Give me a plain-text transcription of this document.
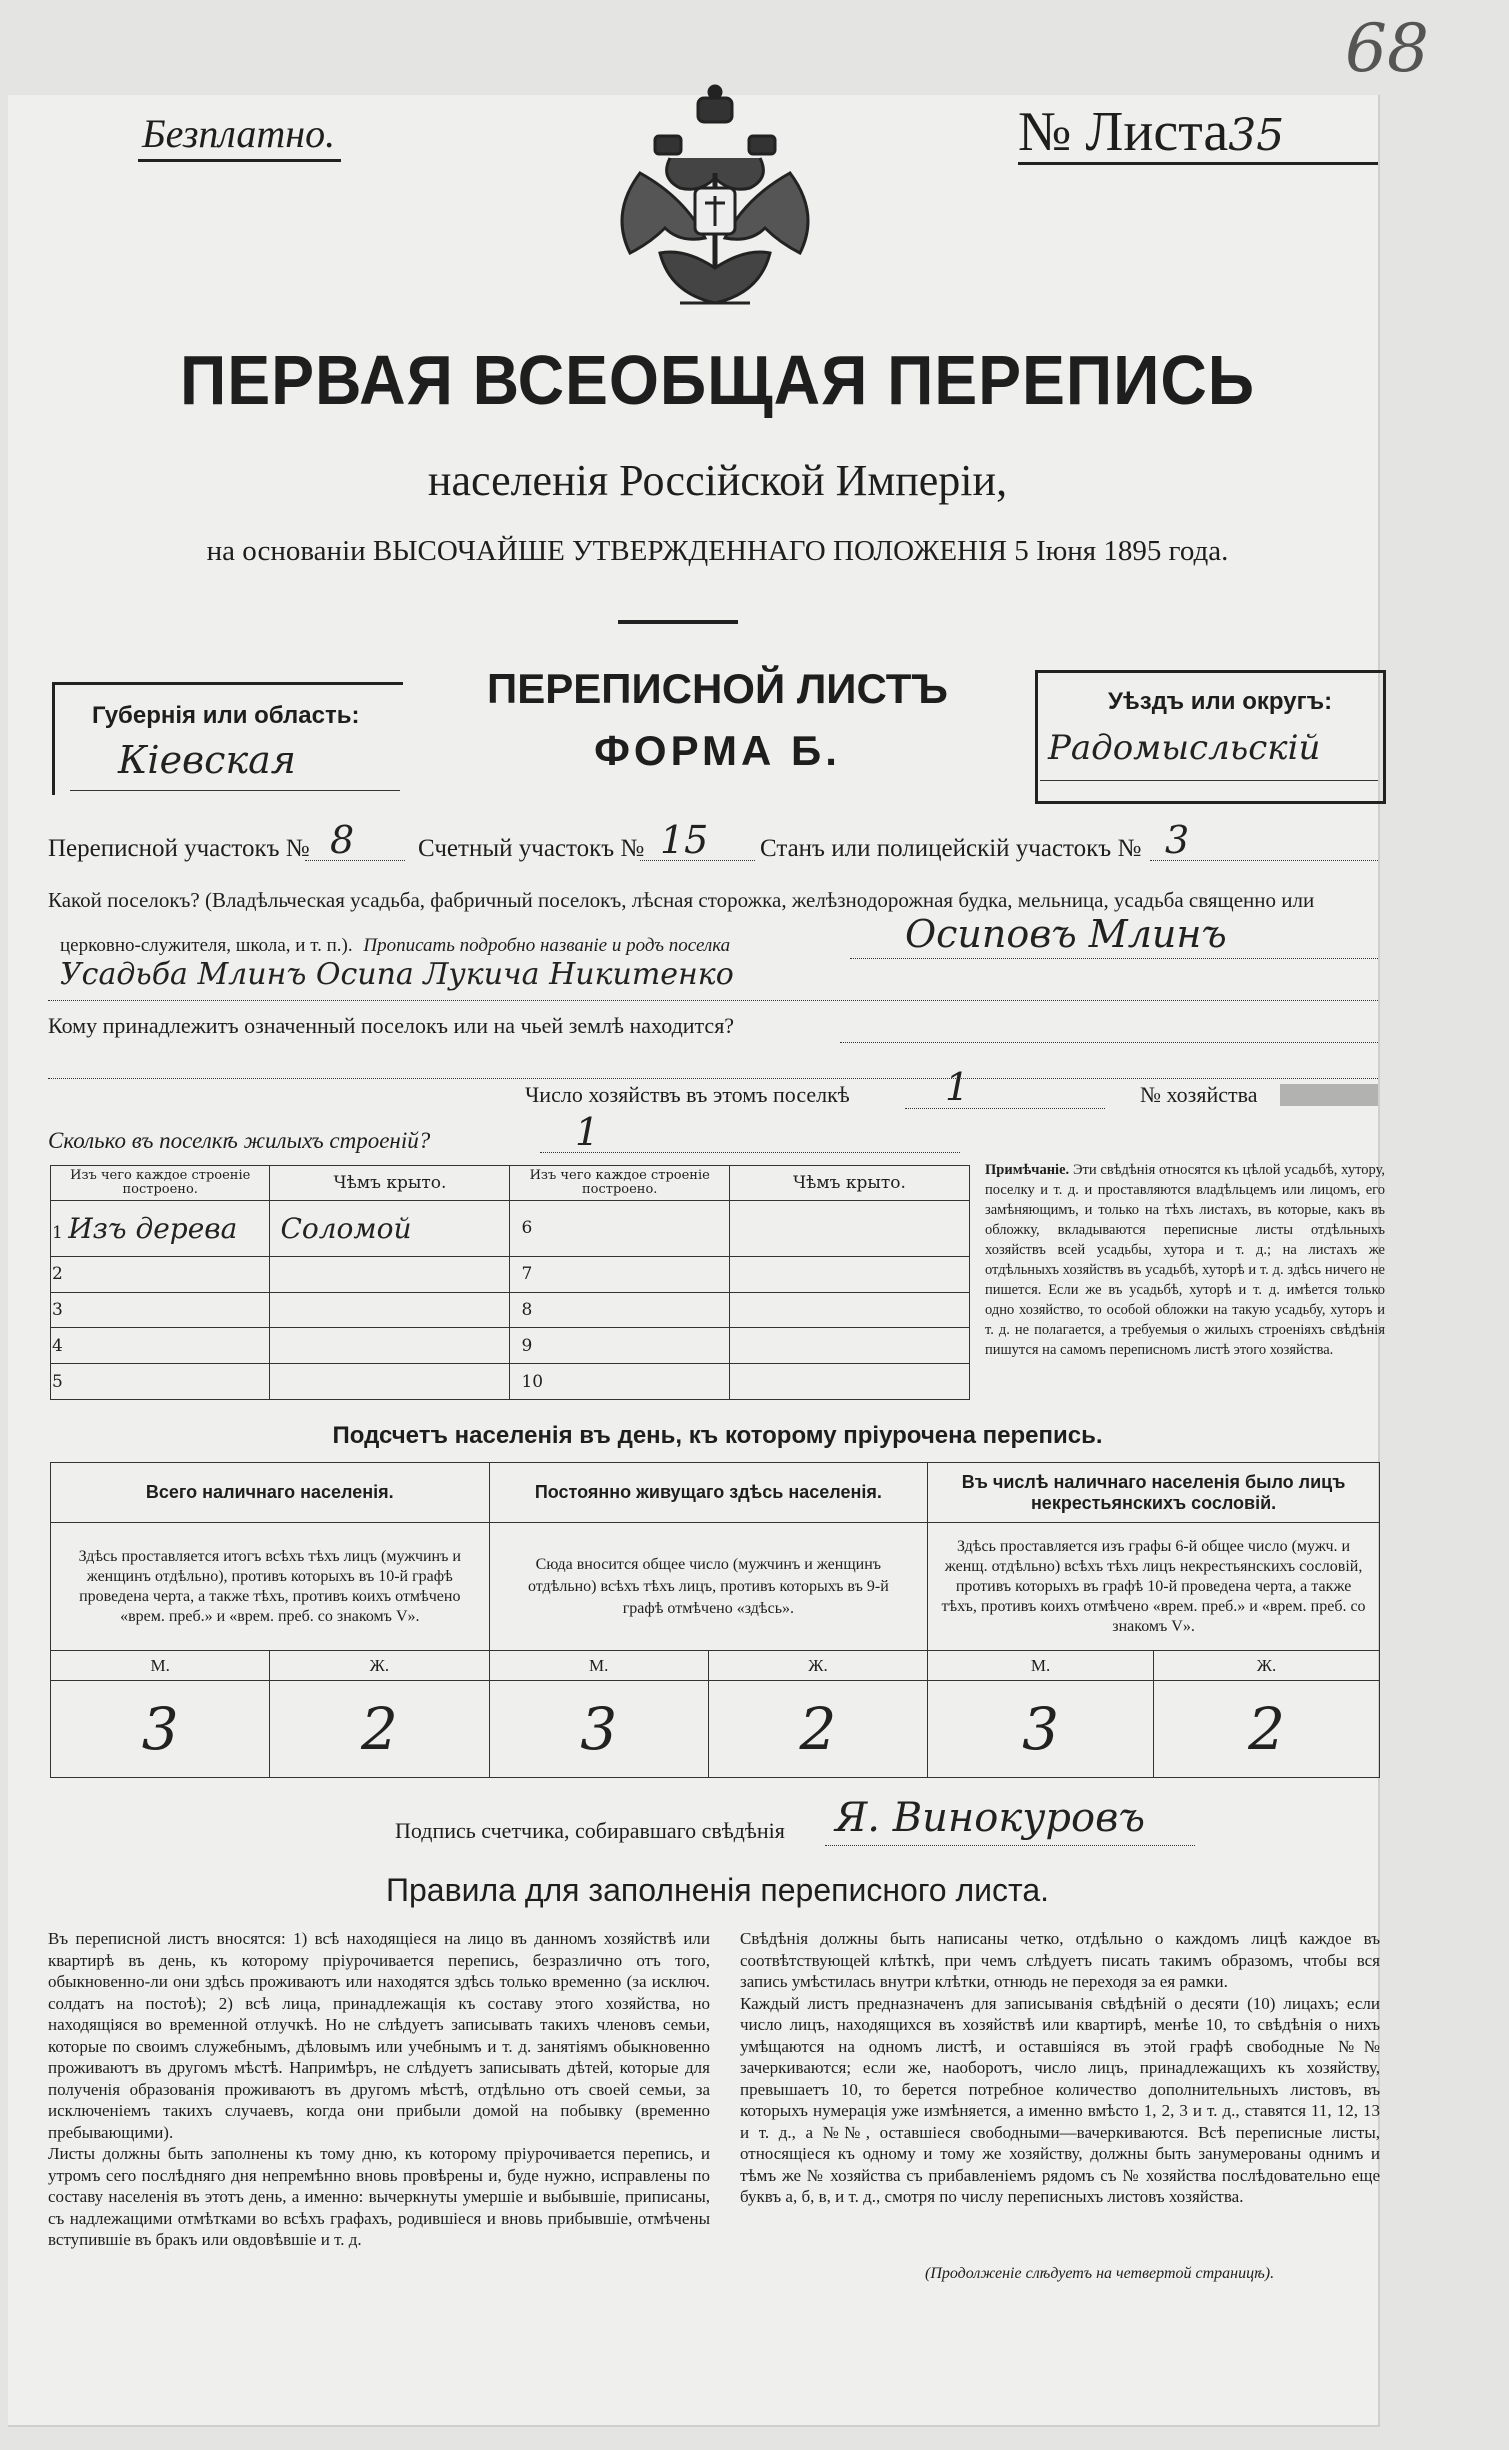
68
Безплатно.	№ Листа35
ПЕРВАЯ ВСЕОБЩАЯ ПЕРЕПИСЬ
населенія Россійской Имперіи,
на основаніи ВЫСОЧАЙШЕ УТВЕРЖДЕННАГО ПОЛОЖЕНІЯ 5 Іюня 1895 года.
Губернія или область:
Кіевская
ПЕРЕПИСНОЙ ЛИСТЪ
ФОРМА Б.
Уѣздъ или округъ:
Радомысльскій
Переписной участокъ № 8	Счетный участокъ № 15 Станъ или полицейскій участокъ № 3
Какой поселокъ? (Владѣльческая усадьба, фабричный поселокъ, лѣсная сторожка, желѣзнодорожная будка, мельница, усадьба священно или
церковно-служителя, школа, и т. п.). Прописать подробно названіе и родъ поселка	Осиповъ Млинъ
Усадьба Млинъ Осипа Лукича Никитенко
Кому принадлежитъ означенный поселокъ или на чьей землѣ находится?
Число хозяйствъ въ этомъ поселкѣ	1	№ хозяйства
Сколько въ поселкѣ жилыхъ строеній?	1
Изъ чего каждое строеніе построено.	Чѣмъ крыто.	Изъ чего каждое строеніе построено.	Чѣмъ крыто.
1 Изъ дерева	Соломой	6	
2		7	
3		8	
4		9	
5		10	
Примѣчаніе. Эти свѣдѣнія относятся къ цѣлой усадьбѣ, хутору, поселку и т. д. и проставляются владѣльцемъ или лицомъ, его замѣняющимъ, и только на тѣхъ листахъ, въ которые, какъ въ обложку, вкладываются переписные листы отдѣльныхъ хозяйствъ всей усадьбы, хутора и т. д.; на листахъ же отдѣльныхъ хозяйствъ въ усадьбѣ, хуторѣ и т. д. здѣсь ничего не пишется. Если же въ усадьбѣ, хуторѣ и т. д. имѣется только одно хозяйство, то особой обложки на такую усадьбу, хуторъ и т. д. не полагается, а требуемыя о жилыхъ строеніяхъ свѣдѣнія пишутся на самомъ переписномъ листѣ этого хозяйства.
Подсчетъ населенія въ день, къ которому пріурочена перепись.
Всего наличнаго населенія.		Постоянно живущаго здѣсь населенія.		Въ числѣ наличнаго населенія было лицъ некрестьянскихъ сословій.	
Здѣсь проставляется итогъ всѣхъ тѣхъ лицъ (мужчинъ и женщинъ отдѣльно), противъ которыхъ въ 10-й графѣ проведена черта, а также тѣхъ, противъ коихъ отмѣчено «врем. преб.» и «врем. преб. со знакомъ V».		Сюда вносится общее число (мужчинъ и женщинъ отдѣльно) всѣхъ тѣхъ лицъ, противъ которыхъ въ 9-й графѣ отмѣчено «здѣсь».		Здѣсь проставляется изъ графы 6-й общее число (мужч. и женщ. отдѣльно) всѣхъ тѣхъ лицъ некрестьянскихъ сословій, противъ которыхъ въ графѣ 10-й проведена черта, а также тѣхъ, противъ коихъ отмѣчено «врем. преб.» и «врем. преб. со знакомъ V».	
М.	Ж.	М.	Ж.	М.	Ж.
3	2	3	2	3	2
Подпись счетчика, собиравшаго свѣдѣнія Я. Винокуровъ
Правила для заполненія переписного листа.
Въ переписной листъ вносятся: 1) всѣ находящіеся на лицо въ данномъ хозяйствѣ или квартирѣ въ день, къ которому пріурочивается перепись, безразлично отъ того, обыкновенно-ли они здѣсь проживаютъ или находятся здѣсь только временно (за исключ. солдатъ на постоѣ); 2) всѣ лица, принадлежащія къ составу этого хозяйства, но находящіяся во временной отлучкѣ. Но не слѣдуетъ записывать такихъ членовъ семьи, которые по своимъ служебнымъ, дѣловымъ или учебнымъ и т. д. занятіямъ обыкновенно проживаютъ въ другомъ мѣстѣ. Напримѣръ, не слѣдуетъ записывать дѣтей, которые для полученія образованія проживаютъ въ другомъ мѣстѣ, отдѣльно отъ своей семьи, за исключеніемъ такихъ случаевъ, когда они прибыли домой на побывку (временно пребывающими).
Листы должны быть заполнены къ тому дню, къ которому пріурочивается перепись, и утромъ сего послѣдняго дня непремѣнно вновь провѣрены и, буде нужно, исправлены по составу населенія въ этотъ день, а именно: вычеркнуты умершіе и выбывшіе, приписаны, съ надлежащими отмѣтками во всѣхъ графахъ, родившіеся и вновь прибывшіе, отмѣчены вступившіе въ бракъ или овдовѣвшіе и т. д.
Свѣдѣнія должны быть написаны четко, отдѣльно о каждомъ лицѣ каждое въ соотвѣтствующей клѣткѣ, при чемъ слѣдуетъ писать такимъ образомъ, чтобы вся запись умѣстилась внутри клѣтки, отнюдь не переходя за ея рамки.
Каждый листъ предназначенъ для записыванія свѣдѣній о десяти (10) лицахъ; если число лицъ, находящихся въ хозяйствѣ или квартирѣ, менѣе 10, то свѣдѣнія о нихъ умѣщаются на одномъ листѣ, и оставшіяся въ этой графѣ свободные №№ зачеркиваются; если же, наоборотъ, число лицъ, принадлежащихъ къ хозяйству, превышаетъ 10, то берется потребное количество дополнительныхъ листовъ, въ которыхъ нумерація уже измѣняется, а именно вмѣсто 1, 2, 3 и т. д., ставятся 11, 12, 13 и т. д., а №№, оставшіеся свободными—вачеркиваются. Всѣ переписные листы, относящіеся къ одному и тому же хозяйству, должны быть занумерованы однимъ и тѣмъ же № хозяйства съ прибавленіемъ рядомъ съ № хозяйства послѣдовательно еще буквъ а, б, в, и т. д., смотря по числу переписныхъ листовъ хозяйства.
(Продолженіе слѣдуетъ на четвертой страницѣ).
